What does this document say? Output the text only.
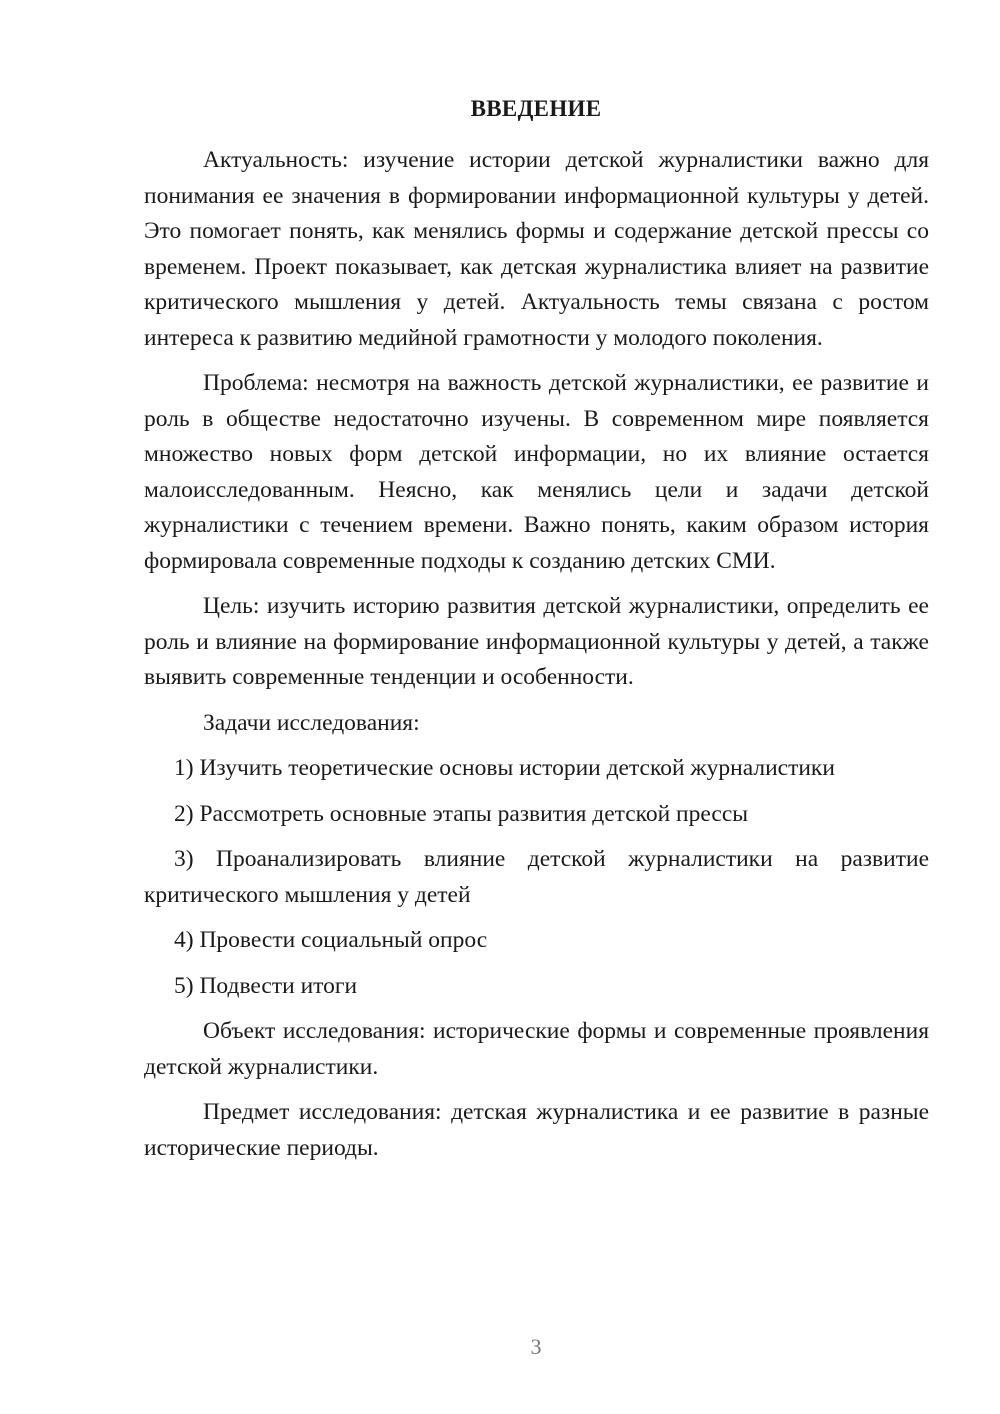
ВВЕДЕНИЕ

Актуальность: изучение истории детской журналистики важно для понимания ее значения в формировании информационной культуры у детей. Это помогает понять, как менялись формы и содержание детской прессы со временем. Проект показывает, как детская журналистика влияет на развитие критического мышления у детей. Актуальность темы связана с ростом интереса к развитию медийной грамотности у молодого поколения.

Проблема: несмотря на важность детской журналистики, ее развитие и роль в обществе недостаточно изучены. В современном мире появляется множество новых форм детской информации, но их влияние остается малоисследованным. Неясно, как менялись цели и задачи детской журналистики с течением времени. Важно понять, каким образом история формировала современные подходы к созданию детских СМИ.

Цель: изучить историю развития детской журналистики, определить ее роль и влияние на формирование информационной культуры у детей, а также выявить современные тенденции и особенности.

Задачи исследования:

1) Изучить теоретические основы истории детской журналистики

2) Рассмотреть основные этапы развития детской прессы

3) Проанализировать влияние детской журналистики на развитие критического мышления у детей

4) Провести социальный опрос

5) Подвести итоги

Объект исследования: исторические формы и современные проявления детской журналистики.

Предмет исследования: детская журналистика и ее развитие в разные исторические периоды.

3
